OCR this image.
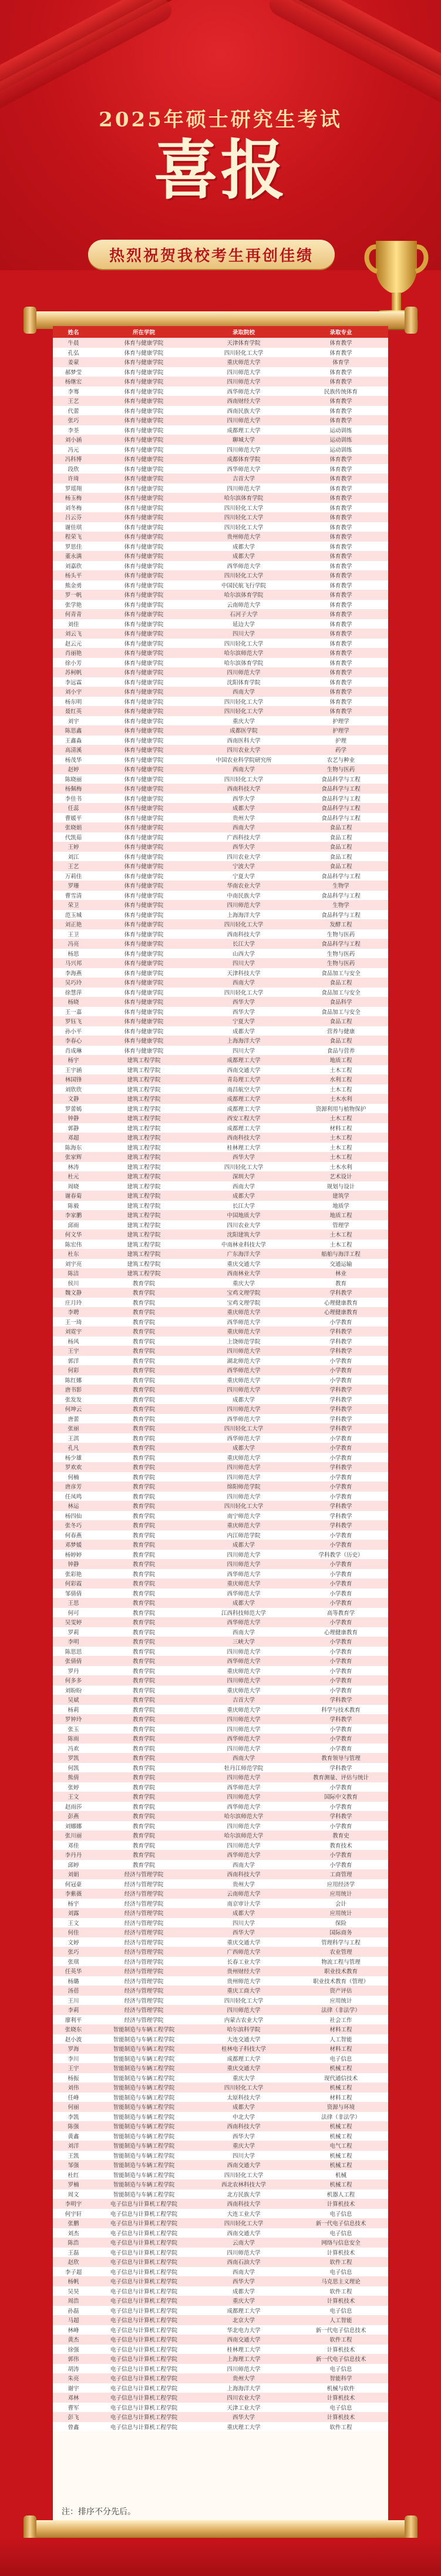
2025年硕士研究生考试
喜报
热烈祝贺我校考生再创佳绩
姓名	所在学院	录取院校	录取专业
牛晨	体育与健康学院	天津体育学院	体育教学
孔弘	体育与健康学院	四川轻化工大学	体育教学
姜蒙	体育与健康学院	重庆师范大学	体育学
郝梦莹	体育与健康学院	四川师范大学	体育教学
杨继宏	体育与健康学院	四川师范大学	体育教学
李骞	体育与健康学院	西华师范大学	民族传统体育
王艺	体育与健康学院	西南财经大学	体育教学
代蕾	体育与健康学院	西南民族大学	体育教学
张巧	体育与健康学院	四川师范大学	体育教学
李荃	体育与健康学院	成都理工大学	运动训练
刘小涵	体育与健康学院	聊城大学	运动训练
冯元	体育与健康学院	四川师范大学	运动训练
冯科博	体育与健康学院	成都体育学院	体育教学
段欣	体育与健康学院	西华师范大学	体育教学
许琦	体育与健康学院	吉首大学	体育教学
罗瑶翔	体育与健康学院	四川师范大学	体育教学
杨玉梅	体育与健康学院	哈尔滨体育学院	体育教学
刘冬梅	体育与健康学院	四川轻化工大学	体育教学
吕云芬	体育与健康学院	四川轻化工大学	体育教学
谢佳琪	体育与健康学院	四川轻化工大学	体育教学
程荣飞	体育与健康学院	贵州师范大学	体育教学
罗思佳	体育与健康学院	成都大学	体育教学
董永满	体育与健康学院	成都大学	体育教学
刘嘉欣	体育与健康学院	西华师范大学	体育教学
杨头平	体育与健康学院	四川轻化工大学	体育教学
熊金勇	体育与健康学院	中国民航飞行学院	体育教学
罗一帆	体育与健康学院	哈尔滨体育学院	体育教学
张学艳	体育与健康学院	云南师范大学	体育教学
何青青	体育与健康学院	石河子大学	体育教学
刘佳	体育与健康学院	延边大学	体育教学
刘云飞	体育与健康学院	四川大学	体育教学
赵云元	体育与健康学院	四川轻化工大学	体育教学
肖丽艳	体育与健康学院	哈尔滨师范大学	体育教学
徐小芳	体育与健康学院	哈尔滨体育学院	体育教学
苏柯帆	体育与健康学院	四川师范大学	体育教学
李远霖	体育与健康学院	沈阳体育学院	体育教学
刘小宇	体育与健康学院	西南大学	体育教学
杨东明	体育与健康学院	四川轻化工大学	体育教学
聂红英	体育与健康学院	四川轻化工大学	体育教学
刘宇	体育与健康学院	重庆大学	护理学
陈思鑫	体育与健康学院	成都医学院	护理学
王鑫淼	体育与健康学院	西南医科大学	护理
高清溪	体育与健康学院	四川农业大学	药学
杨茂华	体育与健康学院	中国农业科学院研究所	农艺与种业
赵婷	体育与健康学院	西南大学	生物与医药
陈晓丽	体育与健康学院	四川轻化工大学	食品科学与工程
杨佩梅	体育与健康学院	西南科技大学	食品科学与工程
李佳书	体育与健康学院	西华大学	食品科学与工程
任蕊	体育与健康学院	成都大学	食品科学与工程
曹媛平	体育与健康学院	贵州大学	食品科学与工程
张晓娟	体育与健康学院	西南大学	食品工程
代凯茹	体育与健康学院	广西科技大学	食品工程
王婷	体育与健康学院	西华大学	食品工程
刘江	体育与健康学院	四川农业大学	食品工程
王艺	体育与健康学院	宁波大学	食品工程
万莉佳	体育与健康学院	宁夏大学	食品科学与工程
罗珊	体育与健康学院	华南农业大学	生物学
曹雪清	体育与健康学院	中南民族大学	食品科学与工程
荣卫	体育与健康学院	四川师范大学	生物学
范玉城	体育与健康学院	上海海洋大学	食品科学与工程
刘正艳	体育与健康学院	四川轻化工大学	发酵工程
王卫	体育与健康学院	西南科技大学	生物与医药
冯亮	体育与健康学院	长江大学	食品科学与工程
杨思	体育与健康学院	山西大学	生物与医药
马兴邦	体育与健康学院	四川大学	生物与医药
李海燕	体育与健康学院	天津科技大学	食品加工与安全
吴巧玲	体育与健康学院	西南大学	食品工程
徐慧萍	体育与健康学院	四川轻化工大学	食品加工与安全
杨晓	体育与健康学院	西华大学	食品科学
王一嘉	体育与健康学院	西华大学	食品加工与安全
罗钰飞	体育与健康学院	宁夏大学	食品工程
孙小平	体育与健康学院	成都大学	营养与健康
李春心	体育与健康学院	上海海洋大学	食品工程
肖成琳	体育与健康学院	四川大学	食品与营养
杨宇	建筑工程学院	成都理工大学	地质工程
王宇涵	建筑工程学院	西南交通大学	土木工程
林国锋	建筑工程学院	青岛理工大学	水利工程
刘欣欣	建筑工程学院	南昌航空大学	土木工程
文静	建筑工程学院	成都理工大学	土木水利
罗蕾嫣	建筑工程学院	成都理工大学	资源利用与植物保护
钟静	建筑工程学院	西安工程大学	土木工程
郭静	建筑工程学院	成都理工大学	材料工程
邓超	建筑工程学院	西南科技大学	土木工程
陈海东	建筑工程学院	桂林理工大学	土木工程
张家辉	建筑工程学院	西华大学	土木工程
林涛	建筑工程学院	四川轻化工大学	土木水利
杜元	建筑工程学院	深圳大学	艺术设计
周晓	建筑工程学院	西南大学	规划与设计
谢春菊	建筑工程学院	成都大学	建筑学
陈毅	建筑工程学院	长江大学	地质学
李家鹏	建筑工程学院	中国地质大学	地质工程
邱雨	建筑工程学院	四川农业大学	管理学
何文华	建筑工程学院	沈阳建筑大学	土木工程
陈宏伟	建筑工程学院	中南林业科技大学	土木工程
杜东	建筑工程学院	广东海洋大学	船舶与海洋工程
刘宇亮	建筑工程学院	重庆交通大学	交通运输
陈洁	建筑工程学院	西南林业大学	林业
侯川	教育学院	重庆大学	教育
魏文静	教育学院	宝鸡文理学院	学科教学
庄月玲	教育学院	宝鸡文理学院	心理健康教育
李聘	教育学院	重庆师范大学	心理健康教育
王一琦	教育学院	西华师范大学	小学教育
刘霓宇	教育学院	重庆师范大学	学科教学
杨风	教育学院	上饶师范学院	学科教学
王宇	教育学院	四川师范大学	学科教学
郭洋	教育学院	湖北师范大学	小学教育
何彩	教育学院	西华师范大学	小学教育
陈红娜	教育学院	重庆师范大学	小学教育
唐书影	教育学院	四川师范大学	学科教学
张发发	教育学院	成都大学	学科教学
何坤云	教育学院	四川师范大学	学科教学
唐蕾	教育学院	西华师范大学	学科教学
张丽	教育学院	四川轻化工大学	学科教学
王淇	教育学院	西华师范大学	小学教育
孔凡	教育学院	成都大学	小学教育
杨少雄	教育学院	重庆师范大学	小学教育
罗欢欢	教育学院	四川师范大学	学科教学
何楠	教育学院	四川师范大学	小学教育
唐彦芳	教育学院	绵阳师范学院	小学教育
任凤鸣	教育学院	四川师范大学	小学教育
林运	教育学院	四川轻化工大学	学科教学
杨四仙	教育学院	南宁师范大学	学科教学
张冬巧	教育学院	重庆师范大学	学科教学
何春燕	教育学院	内江师范学院	小学教育
邓梦媛	教育学院	成都大学	小学教育
杨婷婷	教育学院	四川师范大学	学科教学（历史）
钟静	教育学院	四川师范大学	小学教育
张彩艳	教育学院	西华师范大学	小学教育
何彩霞	教育学院	重庆师范大学	小学教育
邹倩倩	教育学院	西华师范大学	小学教育
王思	教育学院	成都大学	小学教育
何可	教育学院	江西科技师范大学	高等教育学
吴雯婷	教育学院	西华师范大学	小学教育
罗莉	教育学院	西南大学	心理健康教育
李明	教育学院	三峡大学	小学教育
陈思思	教育学院	四川师范大学	小学教育
张倩倩	教育学院	西华师范大学	小学教育
罗丹	教育学院	重庆师范大学	小学教育
何多多	教育学院	四川师范大学	小学教育
刘盼盼	教育学院	重庆师范大学	小学教育
吴斌	教育学院	吉首大学	学科教学
杨莉	教育学院	重庆师范大学	科学与技术教育
罗钟玲	教育学院	四川师范大学	学科教学
张玉	教育学院	四川师范大学	小学教育
陈雨	教育学院	西华师范大学	小学教育
冯欢	教育学院	四川师范大学	小学教育
罗凯	教育学院	西南大学	教育领导与管理
何凯	教育学院	牡丹江师范学院	学科教学
熊倩	教育学院	四川师范大学	教育测量、评估与统计
张婷	教育学院	西华师范大学	小学教育
王文	教育学院	四川师范大学	国际中文教育
赵雨莎	教育学院	西华师范大学	小学教育
彭燕	教育学院	哈尔滨师范大学	学科教学
刘娜娜	教育学院	四川师范大学	小学教育
张川丽	教育学院	哈尔滨师范大学	教育史
邓佳	教育学院	四川师范大学	教育技术
李丹丹	教育学院	西华师范大学	小学教育
邱婷	教育学院	西南大学	小学教育
刘娟	经济与管理学院	西南科技大学	工商管理
何冠豪	经济与管理学院	贵州大学	应用经济学
李紫薇	经济与管理学院	云南师范大学	应用统计
杨宇	经济与管理学院	南京审计大学	会计
刘露	经济与管理学院	成都大学	应用统计
王文	经济与管理学院	四川大学	保险
何佳	经济与管理学院	西华大学	国际商务
文婷	经济与管理学院	重庆交通大学	管理科学与工程
张巧	经济与管理学院	广西师范大学	农业管理
张琪	经济与管理学院	长春工业大学	物流工程与管理
任英华	经济与管理学院	贵州财经大学	职业技术教育
杨璐	经济与管理学院	贵州师范大学	职业技术教育（管理）
汤蓓	经济与管理学院	重庆工商大学	资产评估
王川	经济与管理学院	四川轻化工大学	应用统计
李莉	经济与管理学院	四川师范大学	法律（非法学）
廖利平	经济与管理学院	内蒙古农业大学	社会工作
张晓东	智能制造与车辆工程学院	哈尔滨科学院	材料工程
赵小波	智能制造与车辆工程学院	大连交通大学	人工智能
罗海	智能制造与车辆工程学院	桂林电子科技大学	材料工程
李川	智能制造与车辆工程学院	成都理工大学	电子信息
王宇	智能制造与车辆工程学院	重庆交通大学	机械工程
杨振	智能制造与车辆工程学院	重庆大学	现代通信技术
刘伟	智能制造与车辆工程学院	四川轻化工大学	机械工程
任峰	智能制造与车辆工程学院	太原科技大学	材料工程
何丽	智能制造与车辆工程学院	成都大学	资源与环境
李凯	智能制造与车辆工程学院	中北大学	法律（非法学）
陈强	智能制造与车辆工程学院	西南科技大学	机械工程
黄鑫	智能制造与车辆工程学院	西华大学	机械工程
刘洋	智能制造与车辆工程学院	重庆大学	电气工程
王凯	智能制造与车辆工程学院	四川大学	机械工程
邹强	智能制造与车辆工程学院	西南交通大学	机械工程
杜红	智能制造与车辆工程学院	四川轻化工大学	机械
罗楠	智能制造与车辆工程学院	西北农林科技大学	机械工程
周文	智能制造与车辆工程学院	北方民族大学	机器人工程
李明宇	电子信息与计算机工程学院	西南科技大学	计算机技术
何宇轩	电子信息与计算机工程学院	大连工业大学	电子信息
张鹏	电子信息与计算机工程学院	四川轻化工大学	新一代电子信息技术
刘杰	电子信息与计算机工程学院	西南交通大学	电子信息
陈浩	电子信息与计算机工程学院	云南大学	网络与信息安全
王磊	电子信息与计算机工程学院	四川师范大学	计算机技术
赵欣	电子信息与计算机工程学院	西南石油大学	软件工程
李子超	电子信息与计算机工程学院	西南大学	电子信息
杨帆	电子信息与计算机工程学院	西华大学	马克思主义理论
吴昊	电子信息与计算机工程学院	成都大学	软件工程
周浩	电子信息与计算机工程学院	重庆大学	计算机技术
孙磊	电子信息与计算机工程学院	成都理工大学	电子信息
马超	电子信息与计算机工程学院	北京大学	人工智能
林峰	电子信息与计算机工程学院	华北电力大学	新一代电子信息技术
黄杰	电子信息与计算机工程学院	西南交通大学	软件工程
徐强	电子信息与计算机工程学院	桂林理工大学	计算机技术
郭伟	电子信息与计算机工程学院	上海理工大学	新一代电子信息技术
胡涛	电子信息与计算机工程学院	四川师范大学	电子信息
朱亮	电子信息与计算机工程学院	贵州大学	智能科学
谢宇	电子信息与计算机工程学院	上海海洋大学	机械与软件
邓林	电子信息与计算机工程学院	四川农业大学	计算机技术
曹军	电子信息与计算机工程学院	天津工业大学	电子信息
彭飞	电子信息与计算机工程学院	西华大学	计算机技术
曾鑫	电子信息与计算机工程学院	重庆理工大学	软件工程
注：排序不分先后。
